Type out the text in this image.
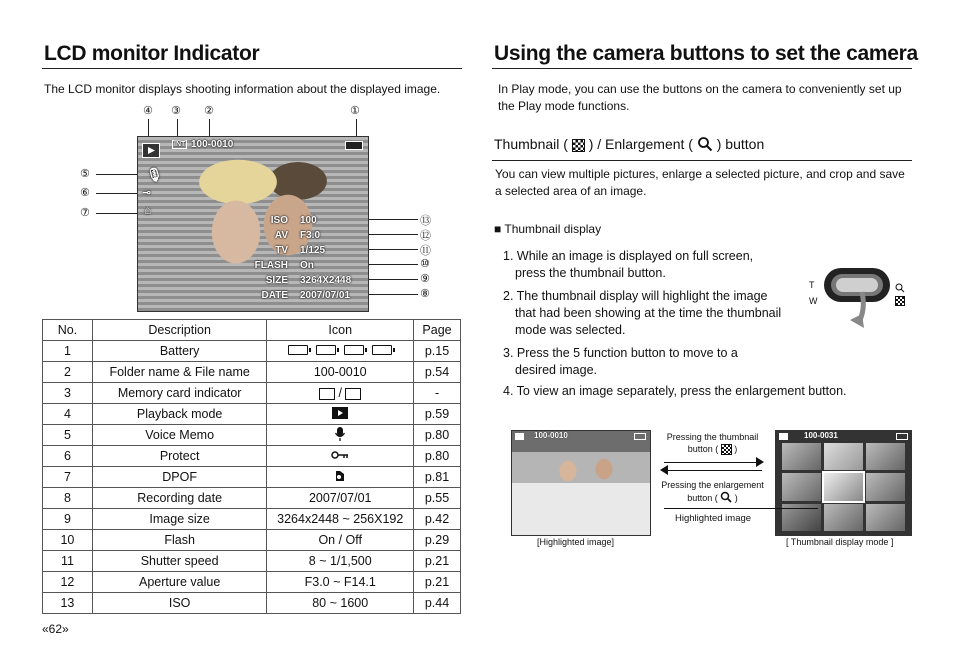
LCD monitor Indicator
The LCD monitor displays shooting information about the displayed image.
④ ③ ②	①
⑤
⑥
⑦
⑬
⑫
⑪
⑩
⑨
⑧
INT 100-0010
🎙
⊸
⌂
ISO
AV
TV
FLASH
SIZE
DATE
100
F3.0
1/125
On
3264X2448
2007/07/01
No.	Description	Icon	Page
1	Battery		p.15
2	Folder name & File name	100-0010	p.54
3	Memory card indicator	/	-
4	Playback mode		p.59
5	Voice Memo		p.80
6	Protect		p.80
7	DPOF		p.81
8	Recording date	2007/07/01	p.55
9	Image size	3264x2448 ~ 256X192	p.42
10	Flash	On / Off	p.29
11	Shutter speed	8 ~ 1/1,500	p.21
12	Aperture value	F3.0 ~ F14.1	p.21
13	ISO	80 ~ 1600	p.44
«62»
Using the camera buttons to set the camera
In Play mode, you can use the buttons on the camera to conveniently set up the Play mode functions.
Thumbnail ( ) / Enlargement ( ) button
You can view multiple pictures, enlarge a selected picture, and crop and save a selected area of an image.
■ Thumbnail display
1. While an image is displayed on full screen, press the thumbnail button.
2. The thumbnail display will highlight the image that had been showing at the time the thumbnail mode was selected.
3. Press the 5 function button to move to a desired image.
4. To view an image separately, press the enlargement button.
T
W
100-0010	100-0031
Pressing the thumbnail
button ( )
Pressing the enlargement
button ( )
Highlighted image
[Highlighted image]	[ Thumbnail display mode ]
